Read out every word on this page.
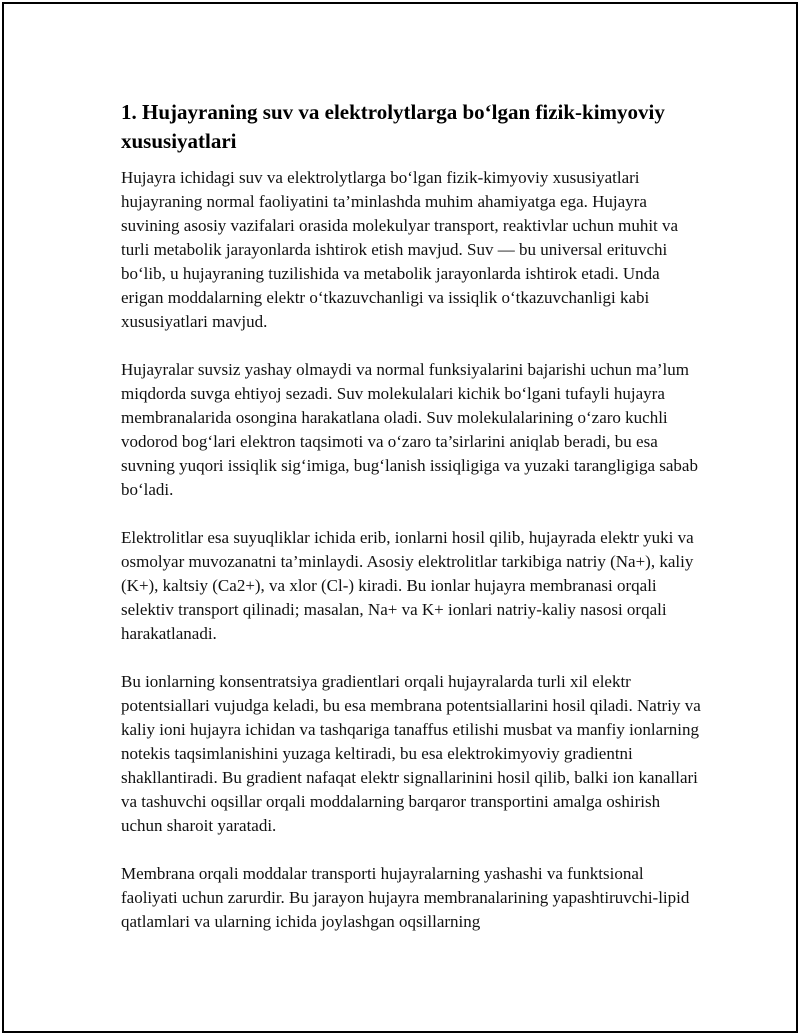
1. Hujayraning suv va elektrolytlarga bo‘lgan fizik-kimyoviy xususiyatlari

Hujayra ichidagi suv va elektrolytlarga bo‘lgan fizik-kimyoviy xususiyatlari hujayraning normal faoliyatini ta’minlashda muhim ahamiyatga ega. Hujayra suvining asosiy vazifalari orasida molekulyar transport, reaktivlar uchun muhit va turli metabolik jarayonlarda ishtirok etish mavjud. Suv — bu universal erituvchi bo‘lib, u hujayraning tuzilishida va metabolik jarayonlarda ishtirok etadi. Unda erigan moddalarning elektr o‘tkazuvchanligi va issiqlik o‘tkazuvchanligi kabi xususiyatlari mavjud.

Hujayralar suvsiz yashay olmaydi va normal funksiyalarini bajarishi uchun ma’lum miqdorda suvga ehtiyoj sezadi. Suv molekulalari kichik bo‘lgani tufayli hujayra membranalarida osongina harakatlana oladi. Suv molekulalarining o‘zaro kuchli vodorod bog‘lari elektron taqsimoti va o‘zaro ta’sirlarini aniqlab beradi, bu esa suvning yuqori issiqlik sig‘imiga, bug‘lanish issiqligiga va yuzaki tarangligiga sabab bo‘ladi.

Elektrolitlar esa suyuqliklar ichida erib, ionlarni hosil qilib, hujayrada elektr yuki va osmolyar muvozanatni ta’minlaydi. Asosiy elektrolitlar tarkibiga natriy (Na+), kaliy (K+), kaltsiy (Ca2+), va xlor (Cl-) kiradi. Bu ionlar hujayra membranasi orqali selektiv transport qilinadi; masalan, Na+ va K+ ionlari natriy-kaliy nasosi orqali harakatlanadi.

Bu ionlarning konsentratsiya gradientlari orqali hujayralarda turli xil elektr potentsiallari vujudga keladi, bu esa membrana potentsiallarini hosil qiladi. Natriy va kaliy ioni hujayra ichidan va tashqariga tanaffus etilishi musbat va manfiy ionlarning notekis taqsimlanishini yuzaga keltiradi, bu esa elektrokimyoviy gradientni shakllantiradi. Bu gradient nafaqat elektr signallarinini hosil qilib, balki ion kanallari va tashuvchi oqsillar orqali moddalarning barqaror transportini amalga oshirish uchun sharoit yaratadi.

Membrana orqali moddalar transporti hujayralarning yashashi va funktsional faoliyati uchun zarurdir. Bu jarayon hujayra membranalarining yapashtiruvchi-lipid qatlamlari va ularning ichida joylashgan oqsillarning
